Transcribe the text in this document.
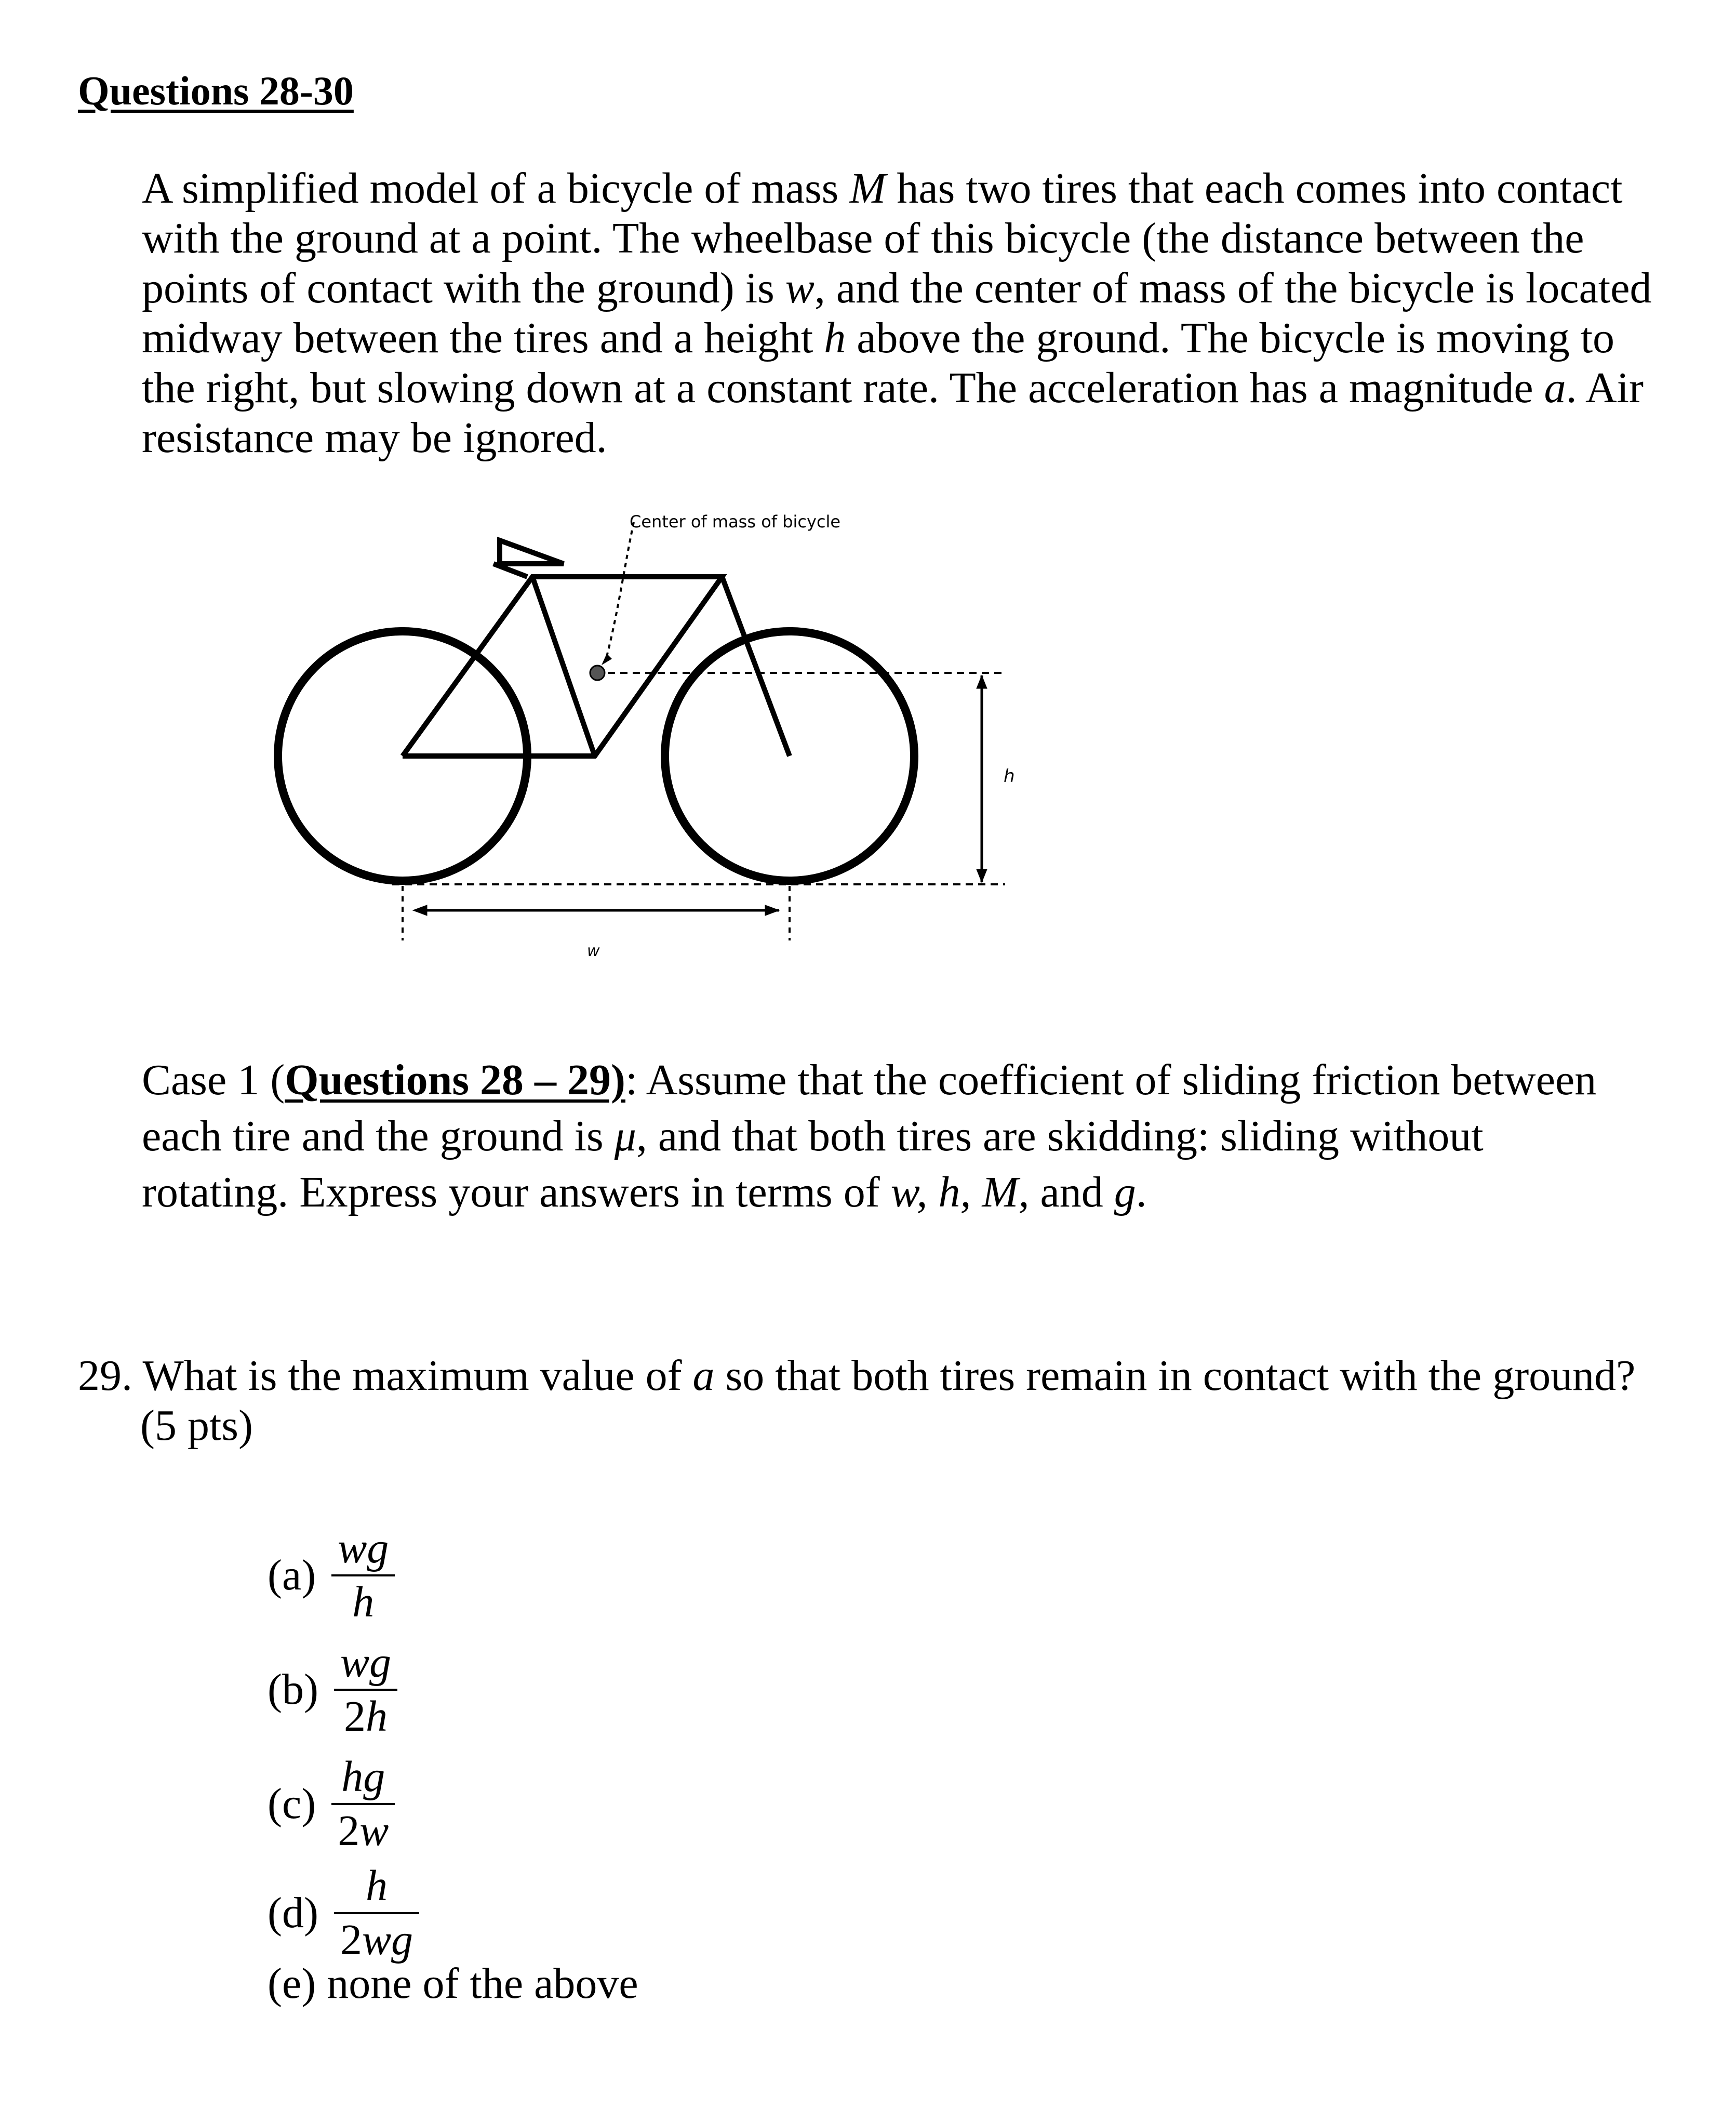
Questions 28-30
A simplified model of a bicycle of mass M has two tires that each comes into contact
with the ground at a point. The wheelbase of this bicycle (the distance between the
points of contact with the ground) is w, and the center of mass of the bicycle is located
midway between the tires and a height h above the ground. The bicycle is moving to
the right, but slowing down at a constant rate. The acceleration has a magnitude a. Air
resistance may be ignored.
Center of mass of bicycle
h
w
Case 1 (Questions 28 – 29): Assume that the coefficient of sliding friction between
each tire and the ground is μ, and that both tires are skidding: sliding without
rotating. Express your answers in terms of w, h, M, and g.
29. What is the maximum value of a so that both tires remain in contact with the ground?
(5 pts)
$(a) \frac{wg}{h}$
$(b) \frac{wg}{2h}$
$(c) \frac{hg}{2w}$
$(d) \frac{h}{2wg}$
(e) none of the above
